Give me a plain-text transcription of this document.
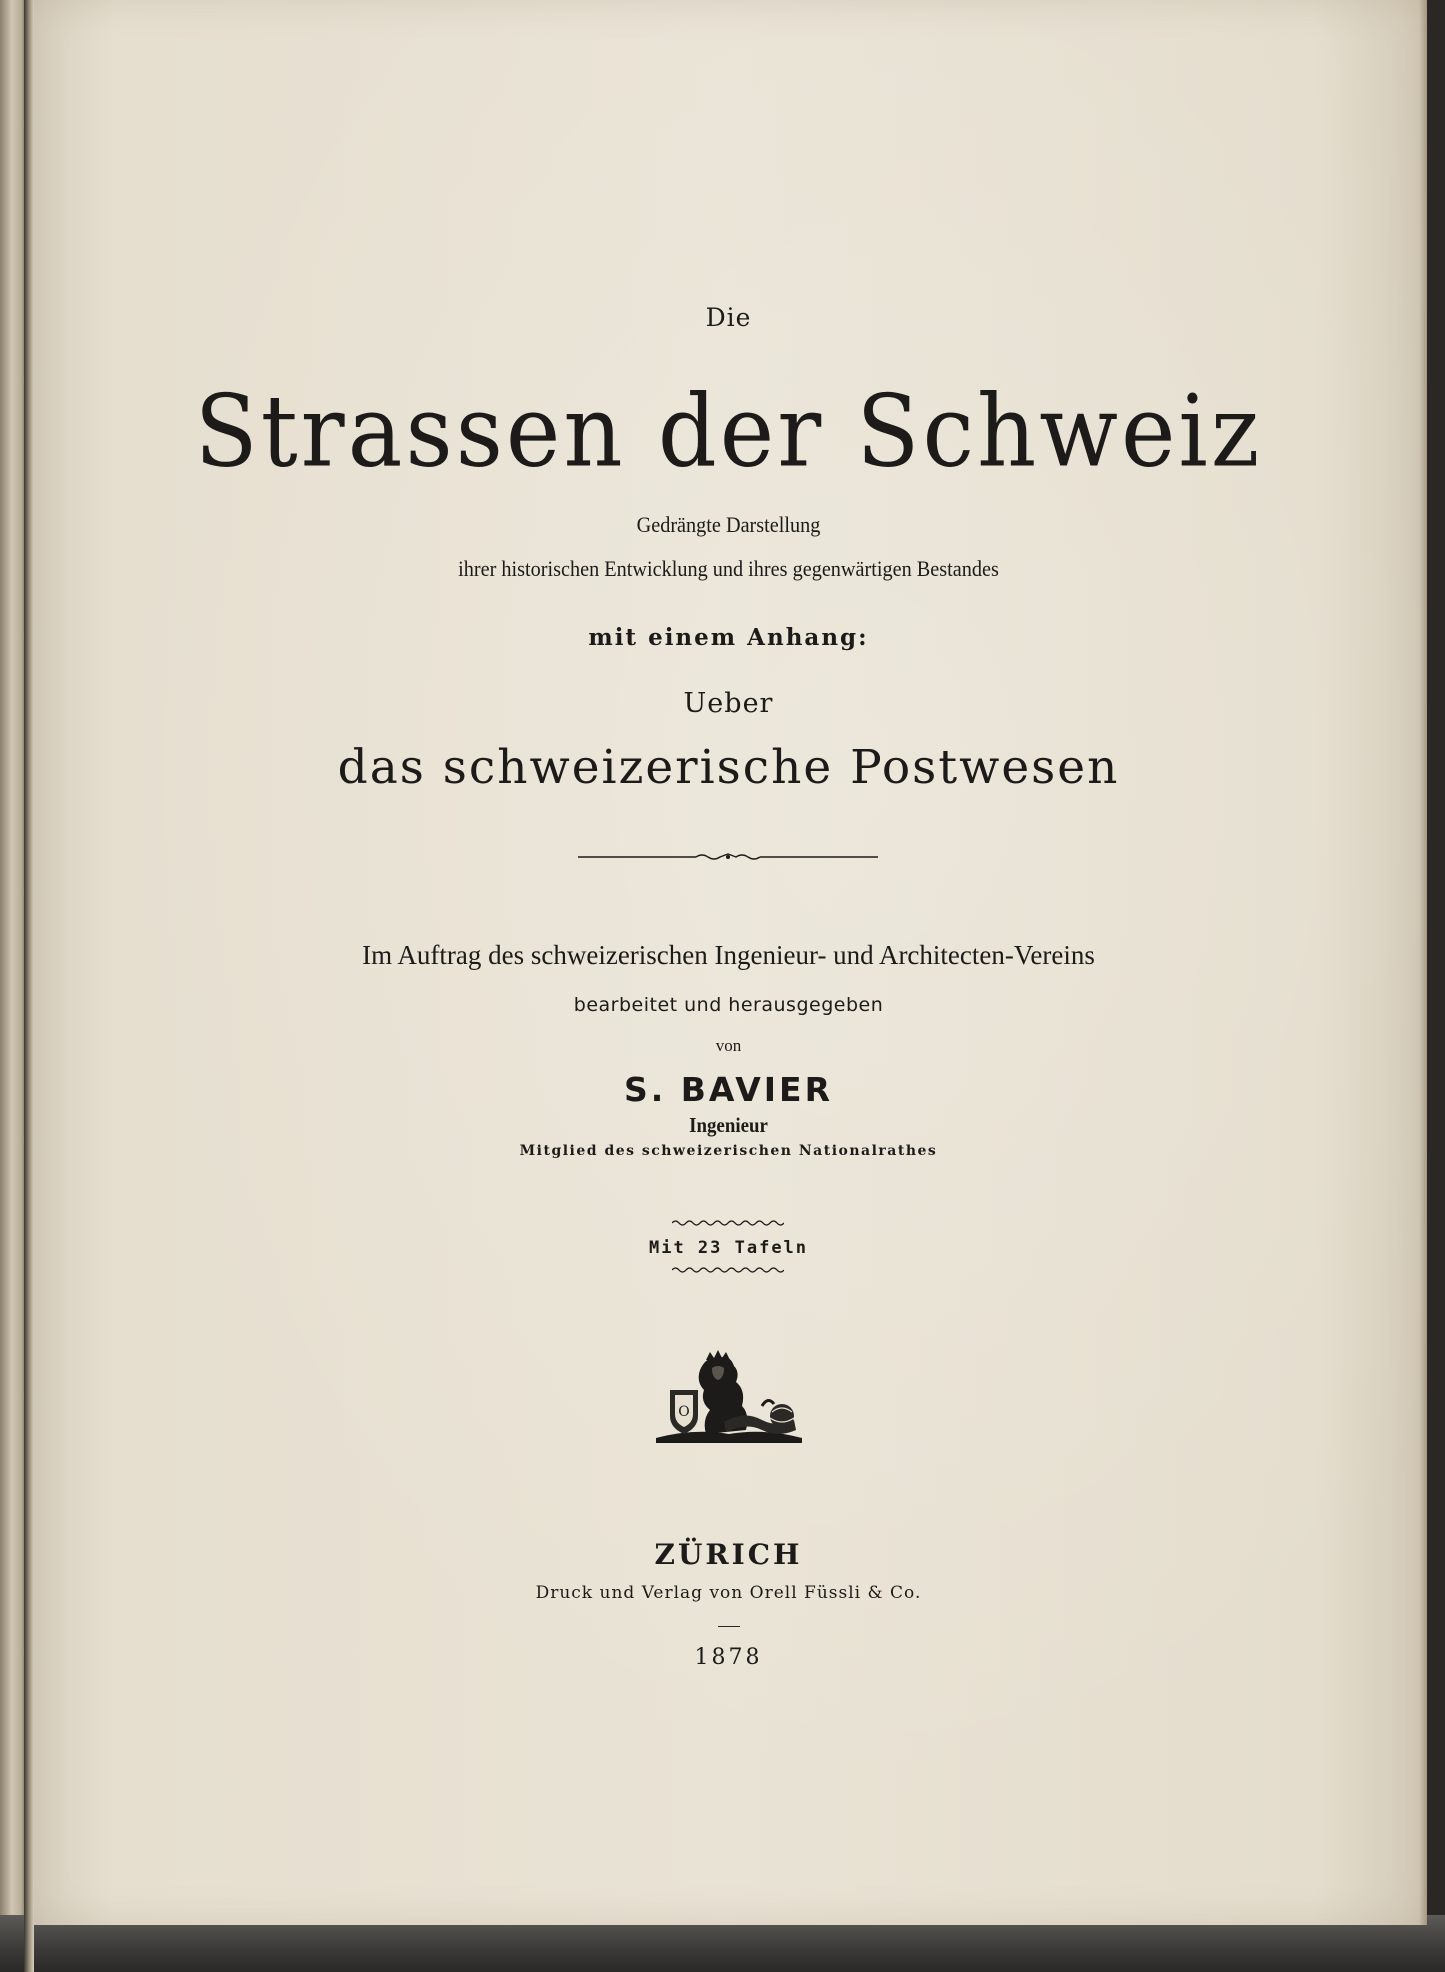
Die
Strassen der Schweiz
Gedrängte Darstellung
ihrer historischen Entwicklung und ihres gegenwärtigen Bestandes
mit einem Anhang:
Ueber
das schweizerische Postwesen
Im Auftrag des schweizerischen Ingenieur- und Architecten-Vereins
bearbeitet und herausgegeben
von
S. BAVIER
Ingenieur
Mitglied des schweizerischen Nationalrathes
Mit 23 Tafeln
O
ZÜRICH
Druck und Verlag von Orell Füssli & Co.
1878
